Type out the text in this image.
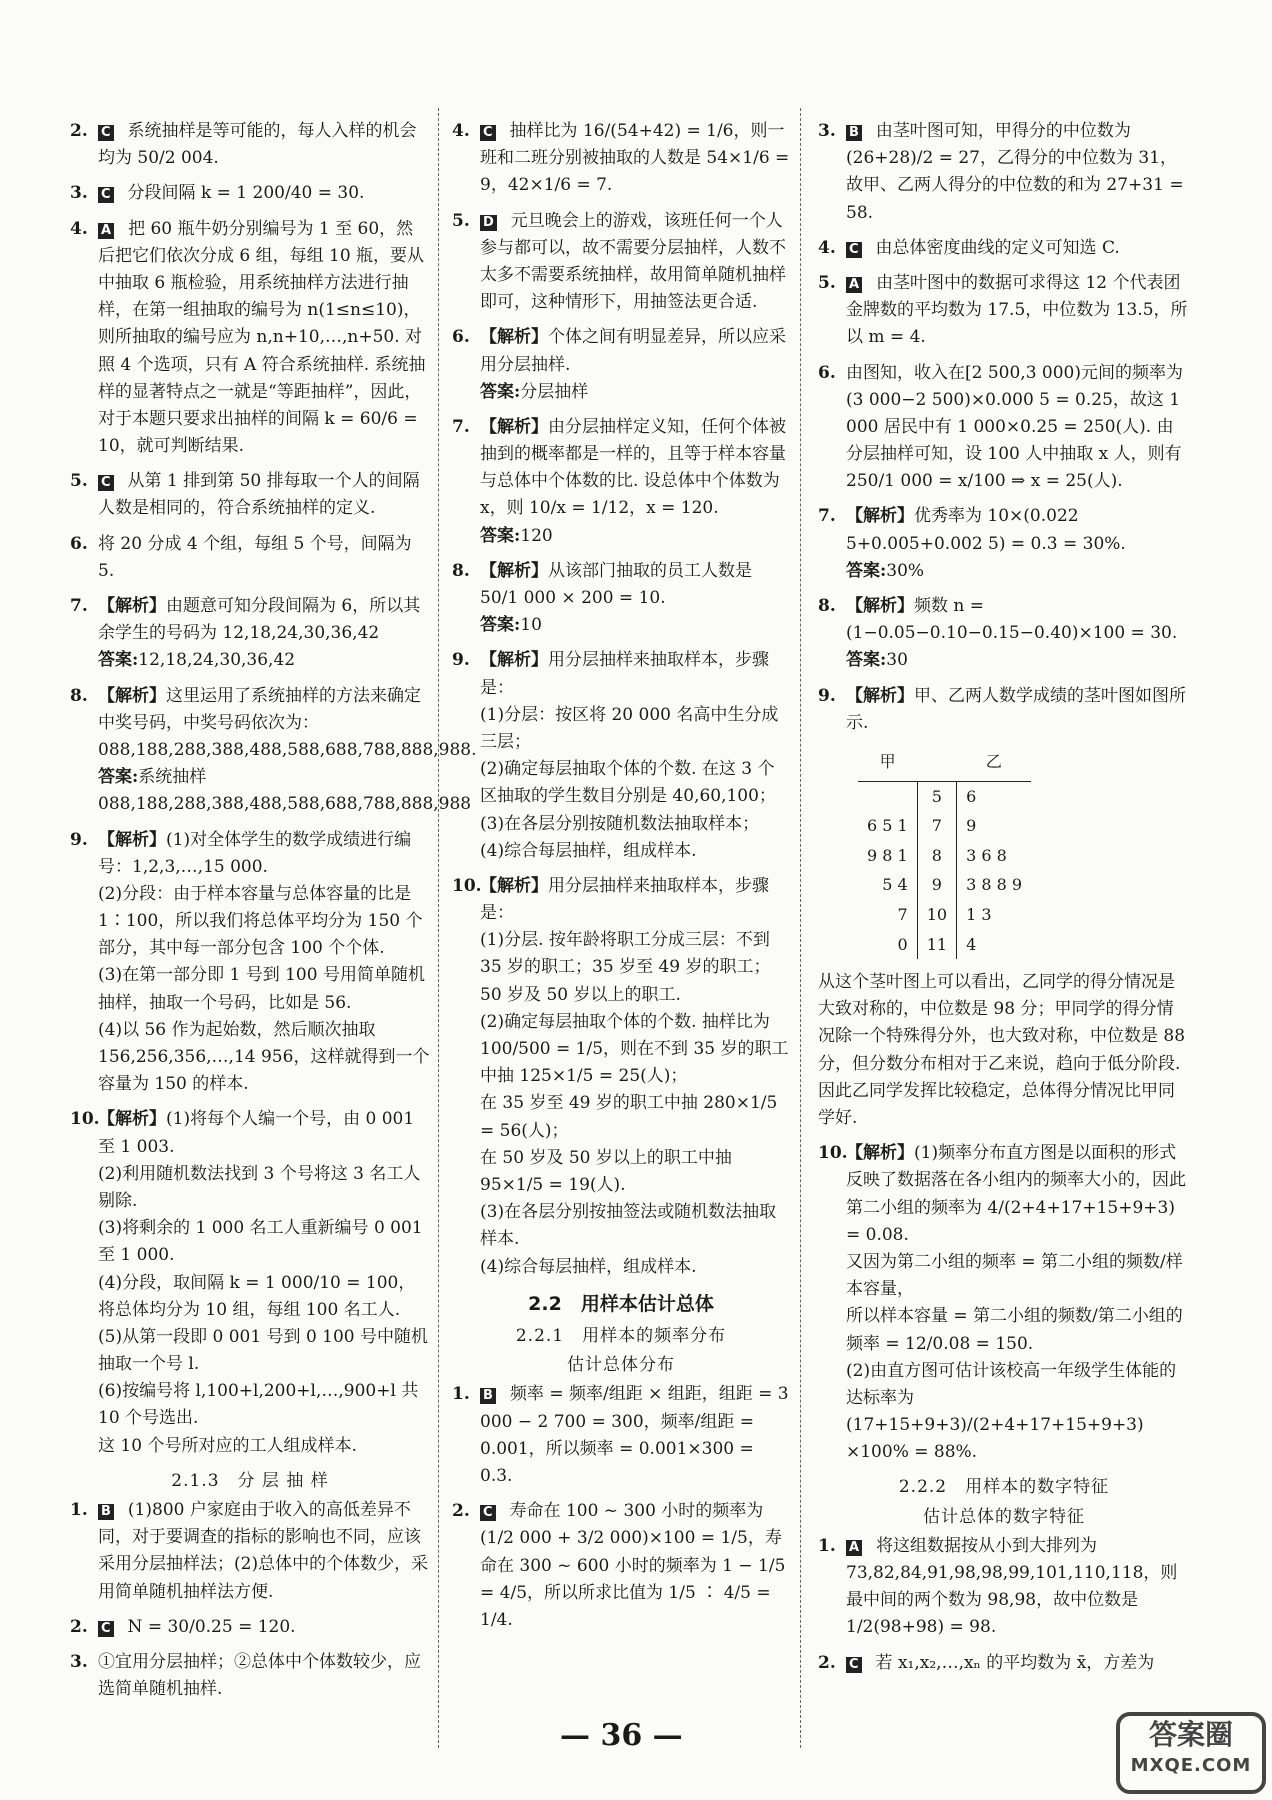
2. C 系统抽样是等可能的，每人入样的机会均为 50/2 004.
3. C 分段间隔 k = 1 200/40 = 30.
4. A 把 60 瓶牛奶分别编号为 1 至 60，然后把它们依次分成 6 组，每组 10 瓶，要从中抽取 6 瓶检验，用系统抽样方法进行抽样，在第一组抽取的编号为 n(1≤n≤10)，则所抽取的编号应为 n,n+10,…,n+50. 对照 4 个选项，只有 A 符合系统抽样. 系统抽样的显著特点之一就是“等距抽样”，因此，对于本题只要求出抽样的间隔 k = 60/6 = 10，就可判断结果.
5. C 从第 1 排到第 50 排每取一个人的间隔人数是相同的，符合系统抽样的定义.
6. 将 20 分成 4 个组，每组 5 个号，间隔为 5.
7. 【解析】由题意可知分段间隔为 6，所以其余学生的号码为 12,18,24,30,36,42
答案:12,18,24,30,36,42
8. 【解析】这里运用了系统抽样的方法来确定中奖号码，中奖号码依次为：088,188,288,388,488,588,688,788,888,988.
答案:系统抽样　088,188,288,388,488,588,688,788,888,988
9. 【解析】(1)对全体学生的数学成绩进行编号：1,2,3,…,15 000.
(2)分段：由于样本容量与总体容量的比是 1∶100，所以我们将总体平均分为 150 个部分，其中每一部分包含 100 个个体.
(3)在第一部分即 1 号到 100 号用简单随机抽样，抽取一个号码，比如是 56.
(4)以 56 作为起始数，然后顺次抽取 156,256,356,…,14 956，这样就得到一个容量为 150 的样本.
10.
【解析】(1)将每个人编一个号，由 0 001 至 1 003.
(2)利用随机数法找到 3 个号将这 3 名工人剔除.
(3)将剩余的 1 000 名工人重新编号 0 001 至 1 000.
(4)分段，取间隔 k = 1 000/10 = 100，将总体均分为 10 组，每组 100 名工人.
(5)从第一段即 0 001 号到 0 100 号中随机抽取一个号 l.
(6)按编号将 l,100+l,200+l,…,900+l 共 10 个号选出.
这 10 个号所对应的工人组成样本.
2.1.3　分 层 抽 样
1. B (1)800 户家庭由于收入的高低差异不同，对于要调查的指标的影响也不同，应该采用分层抽样法；(2)总体中的个体数少，采用简单随机抽样法方便.
2. C N = 30/0.25 = 120.
3. ①宜用分层抽样；②总体中个体数较少，应选简单随机抽样.
4. C 抽样比为 16/(54+42) = 1/6，则一班和二班分别被抽取的人数是 54×1/6 = 9，42×1/6 = 7.
5. D 元旦晚会上的游戏，该班任何一个人参与都可以，故不需要分层抽样，人数不太多不需要系统抽样，故用简单随机抽样即可，这种情形下，用抽签法更合适.
6. 【解析】个体之间有明显差异，所以应采用分层抽样.
答案:分层抽样
7. 【解析】由分层抽样定义知，任何个体被抽到的概率都是一样的，且等于样本容量与总体中个体数的比. 设总体中个体数为 x，则 10/x = 1/12，x = 120.
答案:120
8. 【解析】从该部门抽取的员工人数是 50/1 000 × 200 = 10.
答案:10
9. 【解析】用分层抽样来抽取样本，步骤是：
(1)分层：按区将 20 000 名高中生分成三层；
(2)确定每层抽取个体的个数. 在这 3 个区抽取的学生数目分别是 40,60,100；
(3)在各层分别按随机数法抽取样本；
(4)综合每层抽样，组成样本.
10.
【解析】用分层抽样来抽取样本，步骤是：
(1)分层. 按年龄将职工分成三层：不到 35 岁的职工；35 岁至 49 岁的职工；50 岁及 50 岁以上的职工.
(2)确定每层抽取个体的个数. 抽样比为 100/500 = 1/5，则在不到 35 岁的职工中抽 125×1/5 = 25(人)；
在 35 岁至 49 岁的职工中抽 280×1/5 = 56(人)；
在 50 岁及 50 岁以上的职工中抽 95×1/5 = 19(人).
(3)在各层分别按抽签法或随机数法抽取样本.
(4)综合每层抽样，组成样本.
2.2　用样本估计总体
2.2.1　用样本的频率分布
估计总体分布
1. B 频率 = 频率/组距 × 组距，组距 = 3 000 − 2 700 = 300，频率/组距 = 0.001，所以频率 = 0.001×300 = 0.3.
2. C 寿命在 100 ~ 300 小时的频率为 (1/2 000 + 3/2 000)×100 = 1/5，寿命在 300 ~ 600 小时的频率为 1 − 1/5 = 4/5，所以所求比值为 1/5 ∶ 4/5 = 1/4.
3. B 由茎叶图可知，甲得分的中位数为 (26+28)/2 = 27，乙得分的中位数为 31，故甲、乙两人得分的中位数的和为 27+31 = 58.
4. C 由总体密度曲线的定义可知选 C.
5. A 由茎叶图中的数据可求得这 12 个代表团金牌数的平均数为 17.5，中位数为 13.5，所以 m = 4.
6. 由图知，收入在[2 500,3 000)元间的频率为(3 000−2 500)×0.000 5 = 0.25，故这 1 000 居民中有 1 000×0.25 = 250(人). 由分层抽样可知，设 100 人中抽取 x 人，则有 250/1 000 = x/100 ⇒ x = 25(人).
7. 【解析】优秀率为 10×(0.022 5+0.005+0.002 5) = 0.3 = 30%.
答案:30%
8. 【解析】频数 n = (1−0.05−0.10−0.15−0.40)×100 = 30.
答案:30
9. 【解析】甲、乙两人数学成绩的茎叶图如图所示.
甲		乙
	5	6
6 5 1	7	9
9 8 1	8	3 6 8
5 4	9	3 8 8 9
7	10	1 3
0	11	4
从这个茎叶图上可以看出，乙同学的得分情况是大致对称的，中位数是 98 分；甲同学的得分情况除一个特殊得分外，也大致对称，中位数是 88 分，但分数分布相对于乙来说，趋向于低分阶段. 因此乙同学发挥比较稳定，总体得分情况比甲同学好.
10.
【解析】(1)频率分布直方图是以面积的形式反映了数据落在各小组内的频率大小的，因此第二小组的频率为 4/(2+4+17+15+9+3) = 0.08.
又因为第二小组的频率 = 第二小组的频数/样本容量，
所以样本容量 = 第二小组的频数/第二小组的频率 = 12/0.08 = 150.
(2)由直方图可估计该校高一年级学生体能的达标率为 (17+15+9+3)/(2+4+17+15+9+3) ×100% = 88%.
2.2.2　用样本的数字特征
估计总体的数字特征
1. A 将这组数据按从小到大排列为 73,82,84,91,98,98,99,101,110,118，则最中间的两个数为 98,98，故中位数是 1/2(98+98) = 98.
2. C 若 x₁,x₂,…,xₙ 的平均数为 x̄，方差为
— 36 —	答案圈
MXQE.COM
